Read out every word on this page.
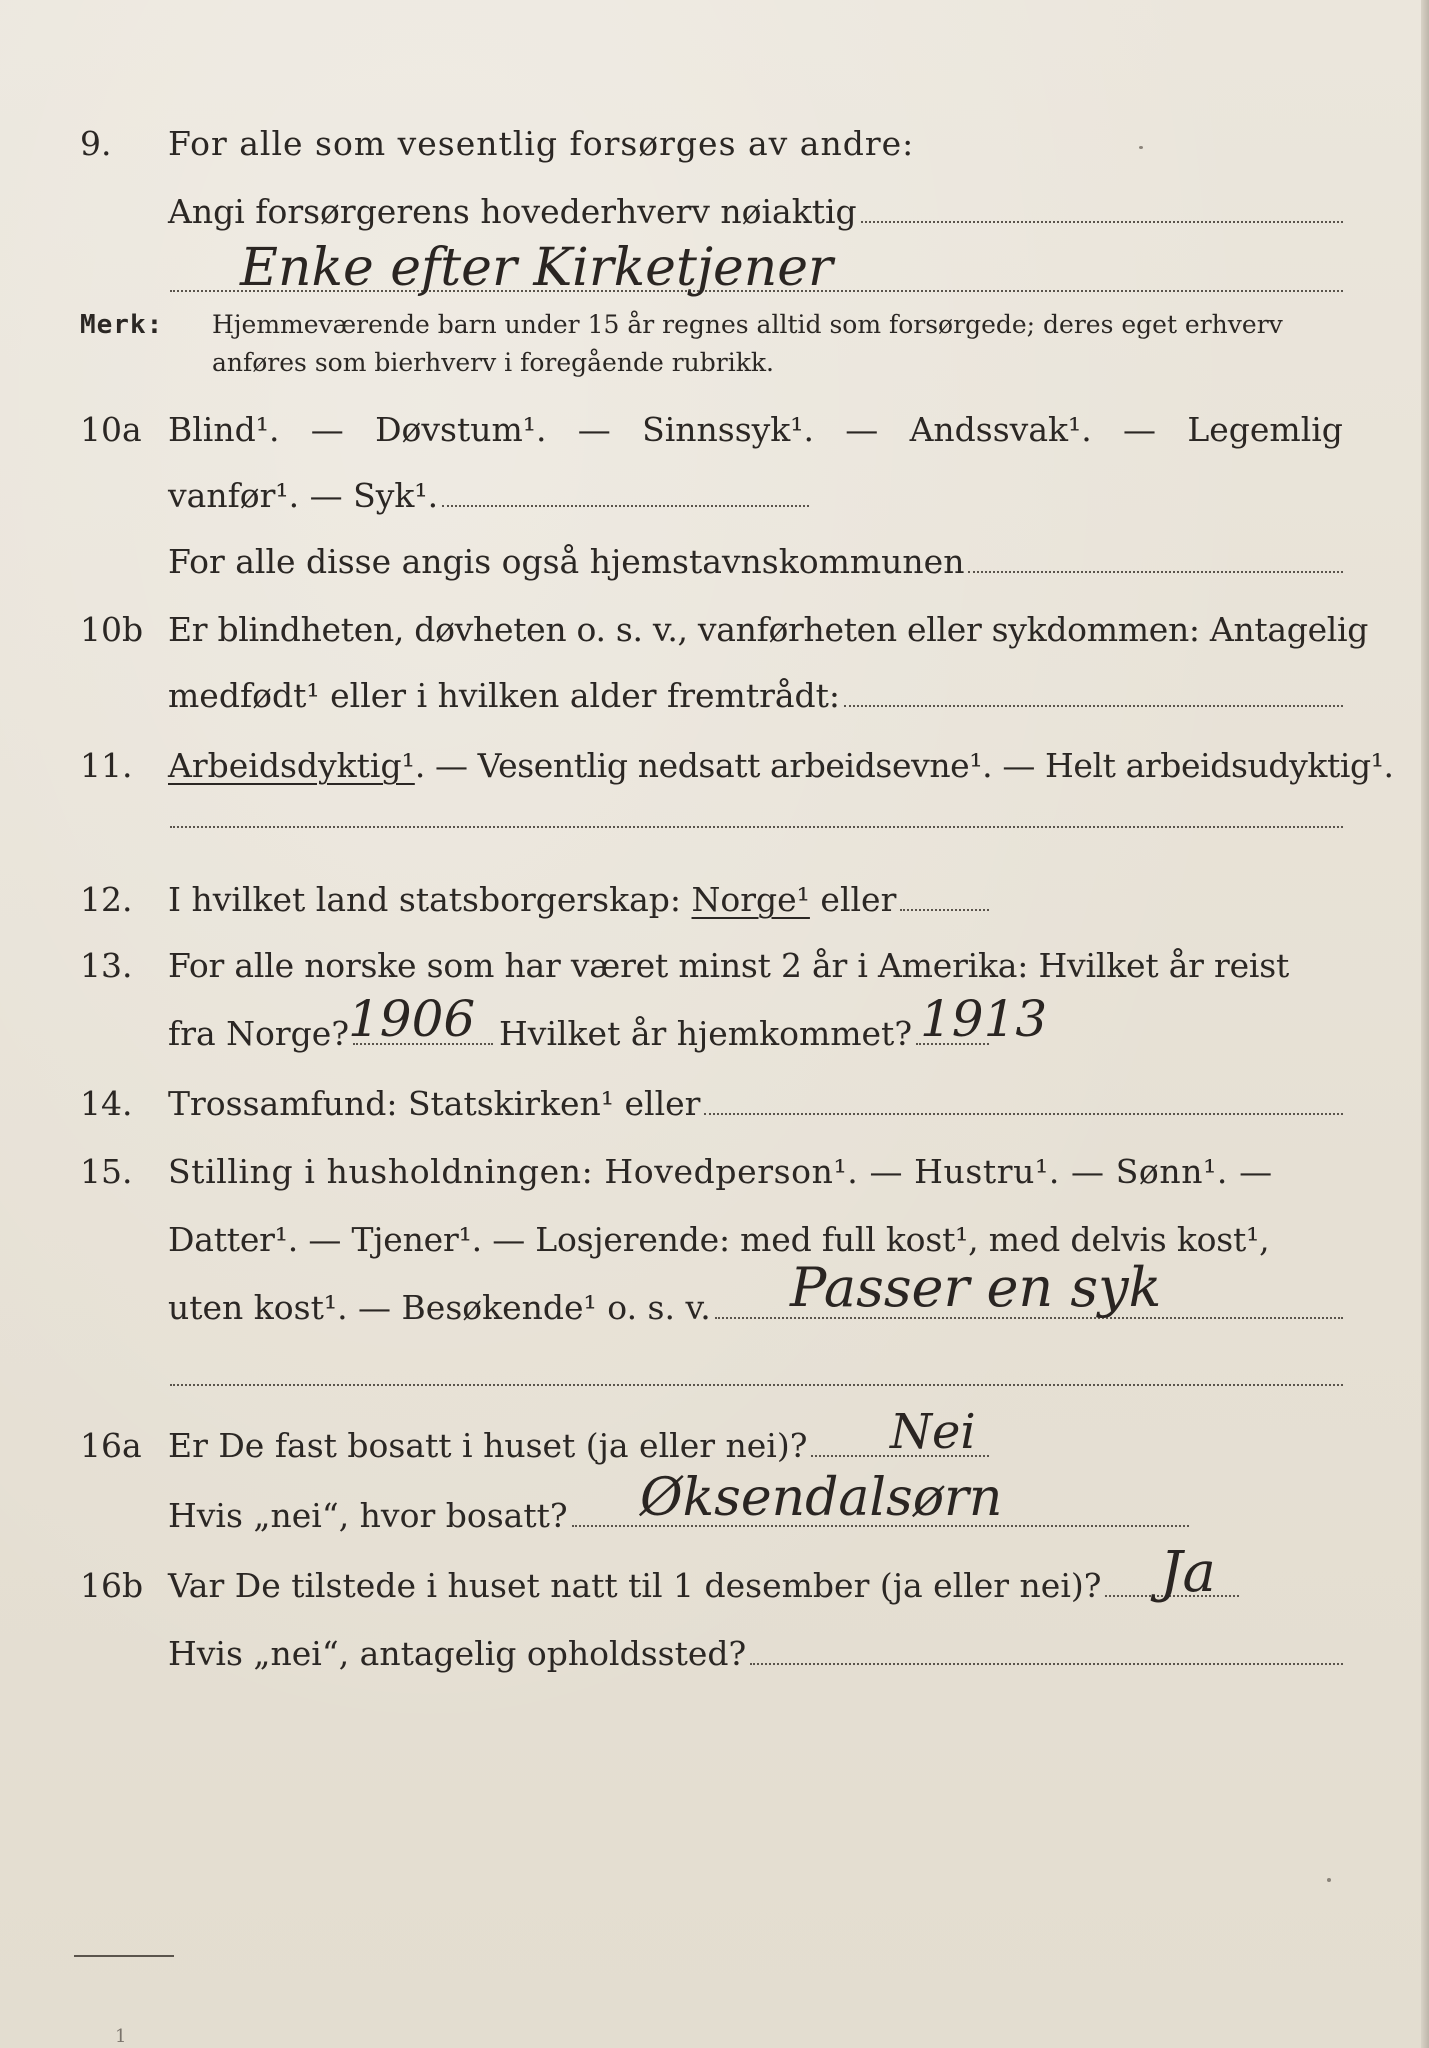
9.	For alle som vesentlig forsørges av andre:
Angi forsørgerens hovederhverv nøiaktig
Enke efter Kirketjener
Merk: Hjemmeværende barn under 15 år regnes alltid som forsørgede; deres eget erhverv
anføres som bierhverv i foregående rubrikk.
10a Blind¹. — Døvstum¹. — Sinnssyk¹. — Andssvak¹. — Legemlig
vanfør¹. — Syk¹.
For alle disse angis også hjemstavnskommunen
10b Er blindheten, døvheten o. s. v., vanførheten eller sykdommen: Antagelig
medfødt¹ eller i hvilken alder fremtrådt:
11.	Arbeidsdyktig¹ . — Vesentlig nedsatt arbeidsevne¹. — Helt arbeidsudyktig¹.
12.	I hvilket land statsborgerskap:
Norge¹ eller
13.	For alle norske som har været minst 2 år i Amerika: Hvilket år reist
fra Norge?	Hvilket år hjemkommet?
1906	1913
14.	Trossamfund: Statskirken¹ eller
15.	Stilling i husholdningen: Hovedperson¹. — Hustru¹. — Sønn¹. —
Datter¹. — Tjener¹. — Losjerende: med full kost¹, med delvis kost¹,
uten kost¹. — Besøkende¹ o. s. v. Passer en syk
16a Er De fast bosatt i huset (ja eller nei)? Nei
Hvis „nei“, hvor bosatt? Øksendalsørn
16b Var De tilstede i huset natt til 1 desember (ja eller nei)? Ja
Hvis „nei“, antagelig opholdssted?
1
